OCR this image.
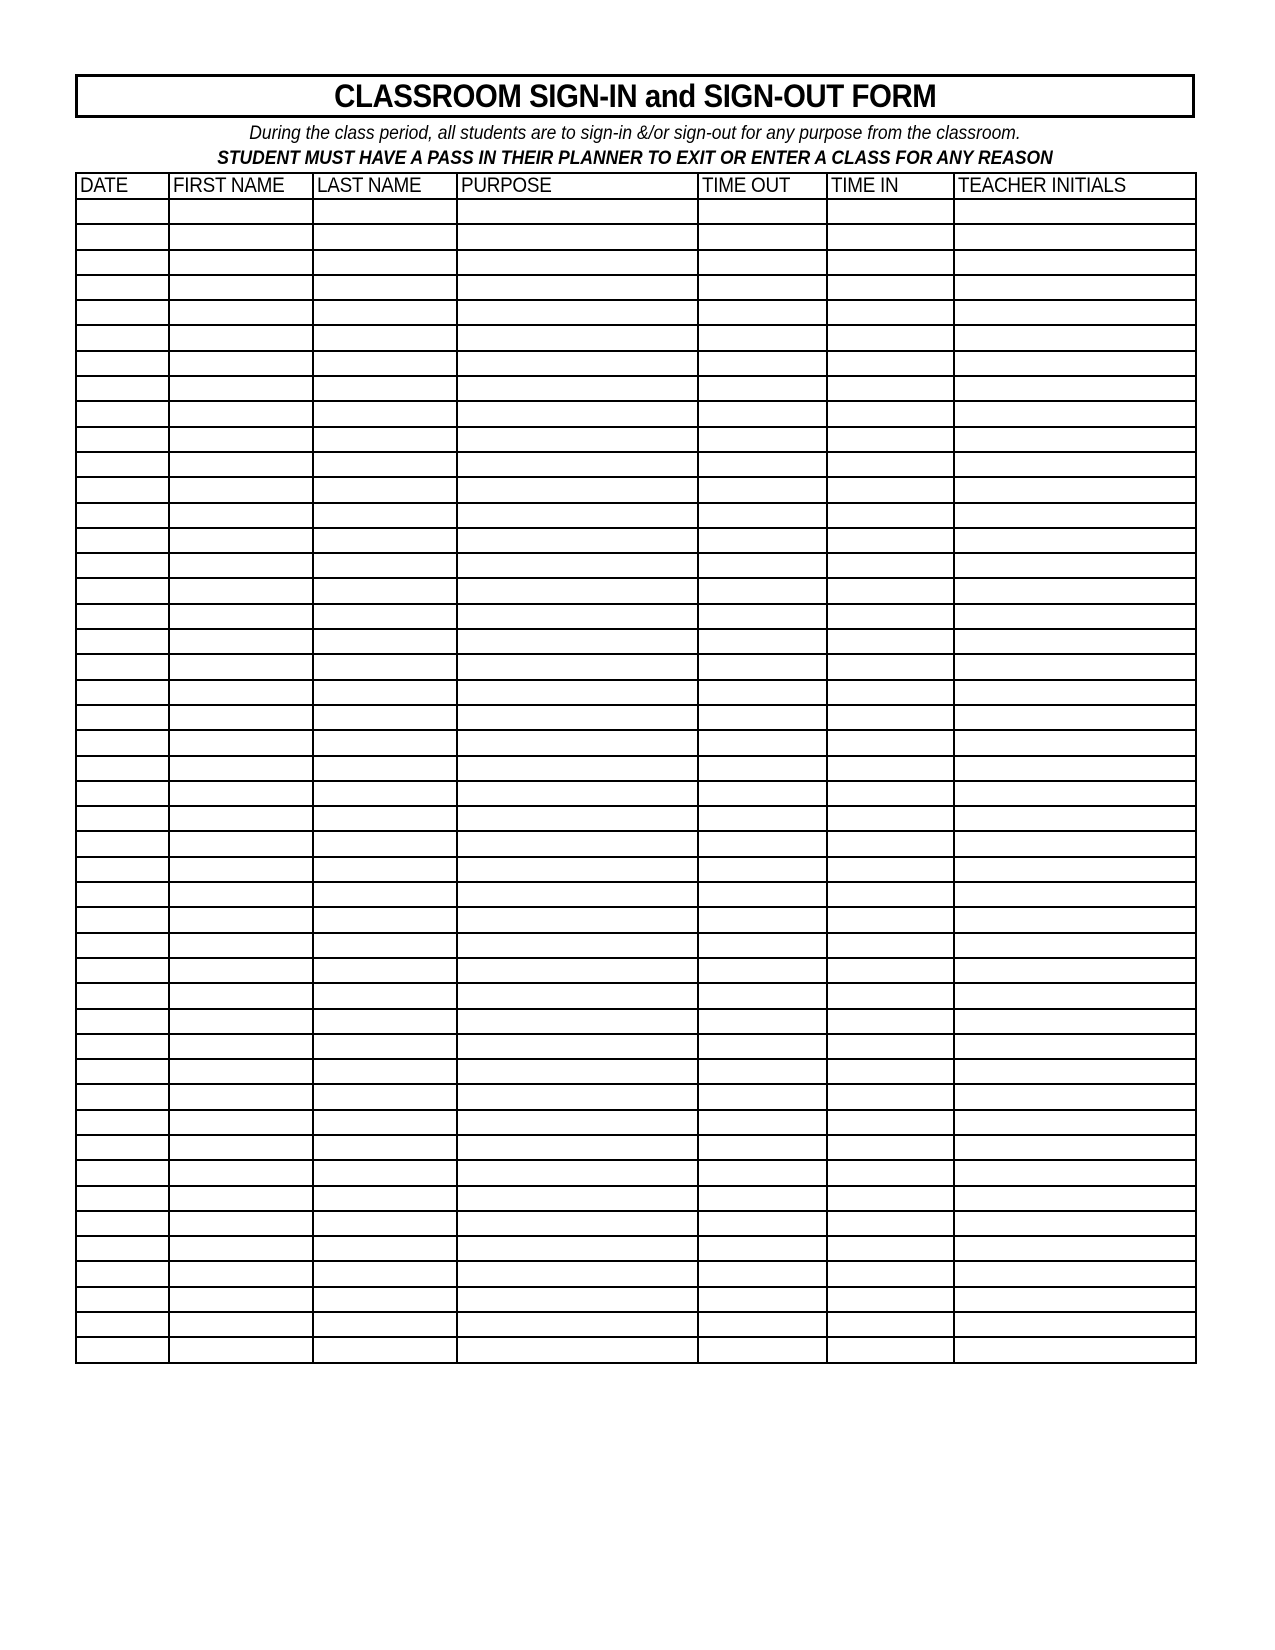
CLASSROOM SIGN-IN and SIGN-OUT FORM
During the class period, all students are to sign-in &/or sign-out for any purpose from the classroom.
STUDENT MUST HAVE A PASS IN THEIR PLANNER TO EXIT OR ENTER A CLASS FOR ANY REASON
DATE	FIRST NAME	LAST NAME	PURPOSE	TIME OUT	TIME IN	TEACHER INITIALS
